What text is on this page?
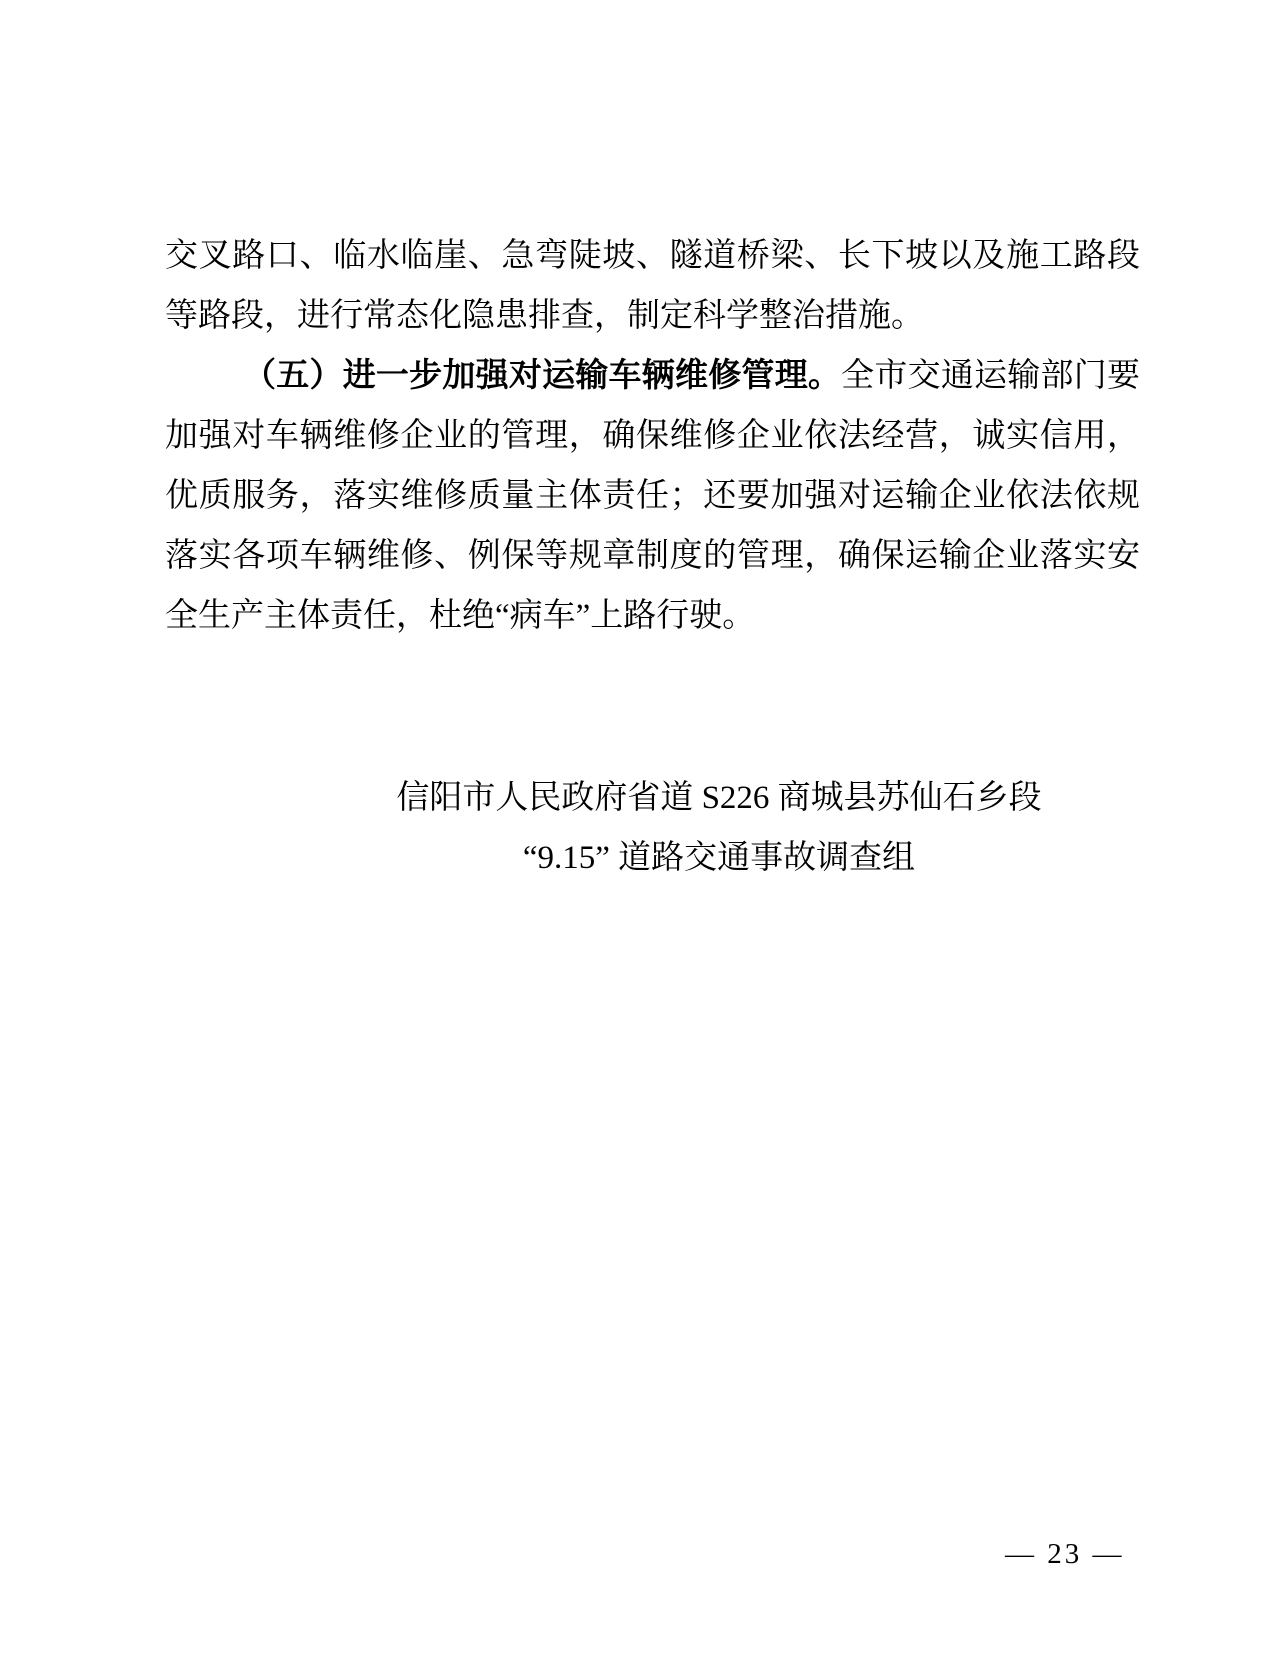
交叉路口、临水临崖、急弯陡坡、隧道桥梁、长下坡以及施工路段
等路段，进行常态化隐患排查，制定科学整治措施。
（五）进一步加强对运输车辆维修管理。全市交通运输部门要
加强对车辆维修企业的管理，确保维修企业依法经营，诚实信用，
优质服务，落实维修质量主体责任；还要加强对运输企业依法依规
落实各项车辆维修、例保等规章制度的管理，确保运输企业落实安
全生产主体责任，杜绝“病车”上路行驶。
信阳市人民政府省道 S226 商城县苏仙石乡段
“9.15” 道路交通事故调查组
— 23 —
